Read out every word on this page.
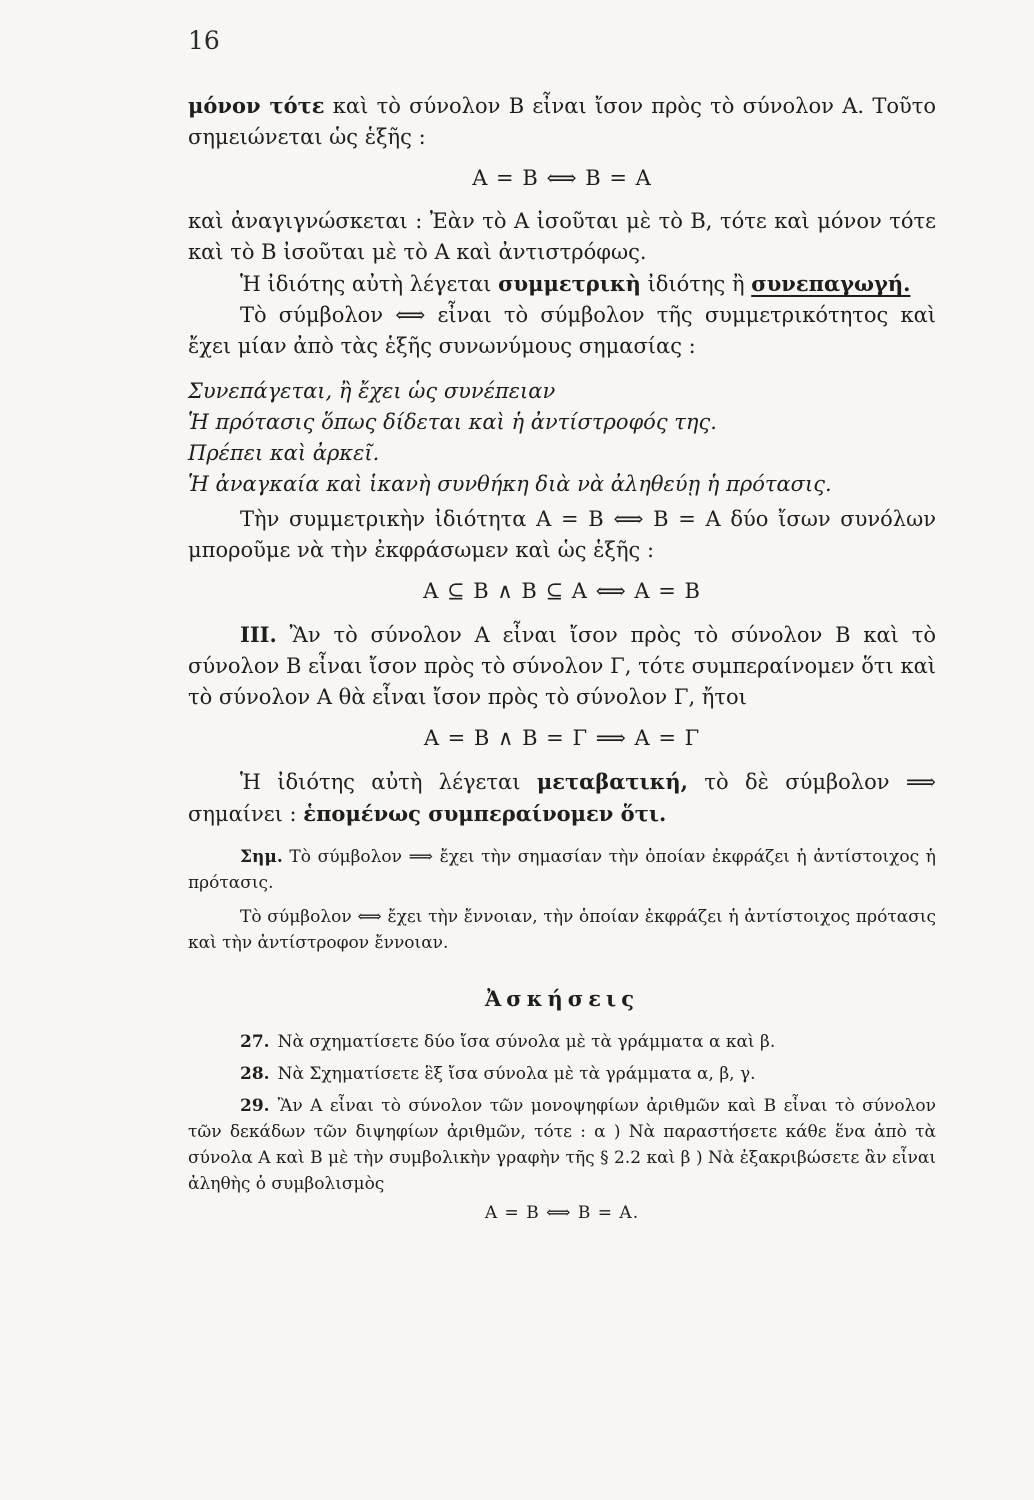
16

μόνον τότε καὶ τὸ σύνολον Β εἶναι ἴσον πρὸς τὸ σύνολον Α. Τοῦτο σημειώνεται ὡς ἑξῆς :

Α = Β ⟺ Β = Α

καὶ ἀναγιγνώσκεται : Ἐὰν τὸ Α ἰσοῦται μὲ τὸ Β, τότε καὶ μόνον τότε καὶ τὸ Β ἰσοῦται μὲ τὸ Α καὶ ἀντιστρόφως.

Ἡ ἰδιότης αὐτὴ λέγεται συμμετρικὴ ἰδιότης ἢ συνεπαγωγή.

Τὸ σύμβολον ⟺ εἶναι τὸ σύμβολον τῆς συμμετρικότητος καὶ ἔχει μίαν ἀπὸ τὰς ἑξῆς συνωνύμους σημασίας :

Συνεπάγεται, ἢ ἔχει ὡς συνέπειαν

Ἡ πρότασις ὅπως δίδεται καὶ ἡ ἀντίστροφός της.

Πρέπει καὶ ἀρκεῖ.

Ἡ ἀναγκαία καὶ ἱκανὴ συνθήκη διὰ νὰ ἀληθεύῃ ἡ πρότασις.

Τὴν συμμετρικὴν ἰδιότητα Α = Β ⟺ Β = Α δύο ἴσων συνόλων μποροῦμε νὰ τὴν ἐκφράσωμεν καὶ ὡς ἑξῆς :

Α ⊆ Β ∧ Β ⊆ Α ⟺ Α = Β

III. Ἂν τὸ σύνολον Α εἶναι ἴσον πρὸς τὸ σύνολον Β καὶ τὸ σύνολον Β εἶναι ἴσον πρὸς τὸ σύνολον Γ, τότε συμπεραίνομεν ὅτι καὶ τὸ σύνολον Α θὰ εἶναι ἴσον πρὸς τὸ σύνολον Γ, ἤτοι

Α = Β ∧ Β = Γ ⟹ Α = Γ

Ἡ ἰδιότης αὐτὴ λέγεται μεταβατική, τὸ δὲ σύμβολον ⟹ σημαίνει : ἑπομένως συμπεραίνομεν ὅτι.

Σημ. Τὸ σύμβολον ⟹ ἔχει τὴν σημασίαν τὴν ὁποίαν ἐκφράζει ἡ ἀντίστοιχος ἡ πρότασις.

Τὸ σύμβολον ⟺ ἔχει τὴν ἔννοιαν, τὴν ὁποίαν ἐκφράζει ἡ ἀντίστοιχος πρότασις καὶ τὴν ἀντίστροφον ἔννοιαν.

Ἀσκήσεις

27. Νὰ σχηματίσετε δύο ἴσα σύνολα μὲ τὰ γράμματα α καὶ β.

28. Νὰ Σχηματίσετε ἓξ ἴσα σύνολα μὲ τὰ γράμματα α, β, γ.

29. Ἂν Α εἶναι τὸ σύνολον τῶν μονοψηφίων ἀριθμῶν καὶ Β εἶναι τὸ σύνολον τῶν δεκάδων τῶν διψηφίων ἀριθμῶν, τότε : α ) Νὰ παραστήσετε κάθε ἕνα ἀπὸ τὰ σύνολα Α καὶ Β μὲ τὴν συμβολικὴν γραφὴν τῆς § 2.2 καὶ β ) Νὰ ἐξακριβώσετε ἂν εἶναι ἀληθὴς ὁ συμβολισμὸς

Α = Β ⟺ Β = Α.
